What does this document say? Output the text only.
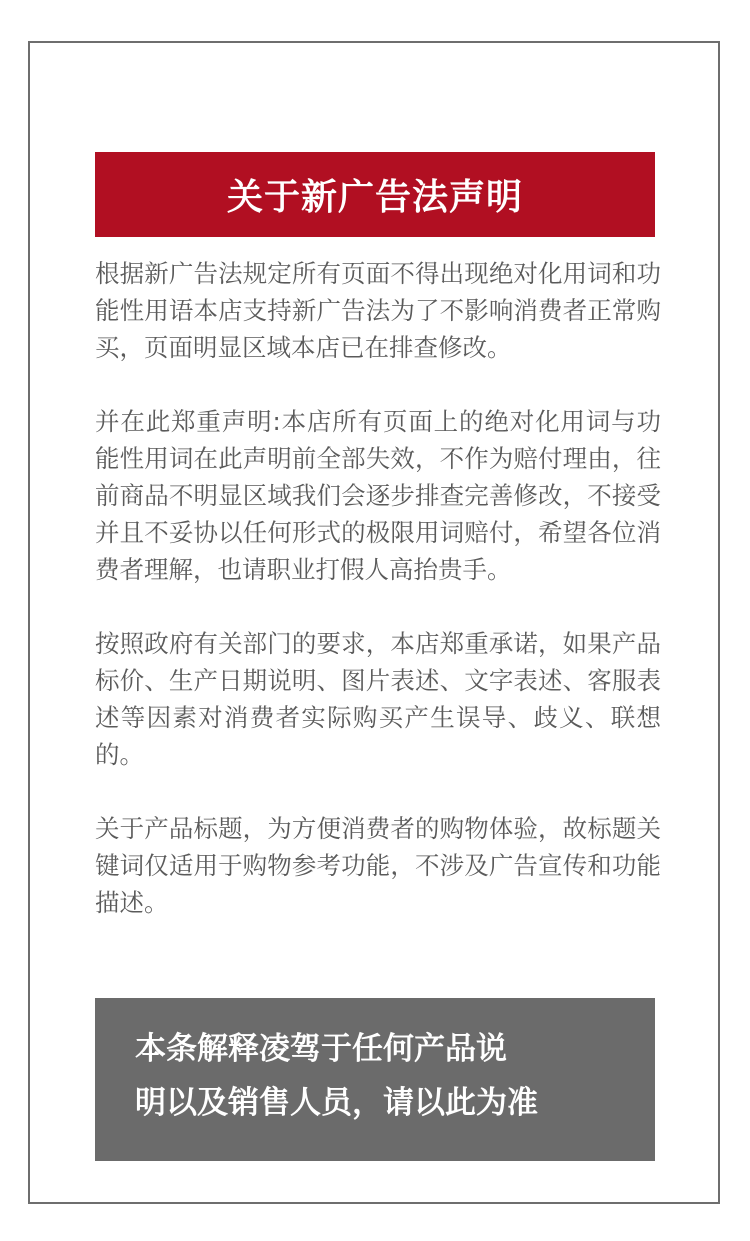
关于新广告法声明

根据新广告法规定所有页面不得出现绝对化用词和功能性用语本店支持新广告法为了不影响消费者正常购买，页面明显区域本店已在排查修改。

并在此郑重声明:本店所有页面上的绝对化用词与功能性用词在此声明前全部失效，不作为赔付理由，往前商品不明显区域我们会逐步排查完善修改，不接受并且不妥协以任何形式的极限用词赔付，希望各位消费者理解，也请职业打假人高抬贵手。

按照政府有关部门的要求，本店郑重承诺，如果产品标价、生产日期说明、图片表述、文字表述、客服表述等因素对消费者实际购买产生误导、歧义、联想的。

关于产品标题，为方便消费者的购物体验，故标题关键词仅适用于购物参考功能，不涉及广告宣传和功能描述。

本条解释凌驾于任何产品说
明以及销售人员，请以此为准
